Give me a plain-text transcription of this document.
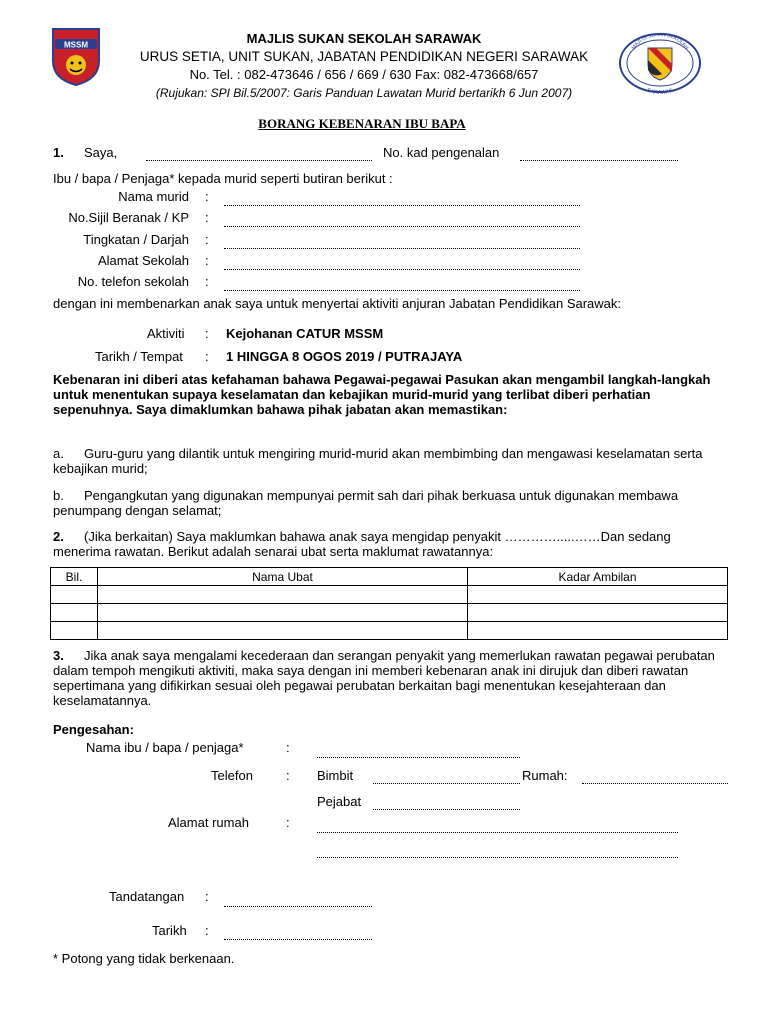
MSSM	MAJLIS SUKAN SEKOLAH
SARAWAK
MAJLIS SUKAN SEKOLAH SARAWAK
URUS SETIA, UNIT SUKAN, JABATAN PENDIDIKAN NEGERI SARAWAK
No. Tel. : 082-473646 / 656 / 669 / 630 Fax: 082-473668/657
(Rujukan: SPI Bil.5/2007: Garis Panduan Lawatan Murid bertarikh 6 Jun 2007)
BORANG KEBENARAN IBU BAPA
1. Saya,	No. kad pengenalan
Ibu / bapa / Penjaga* kepada murid seperti butiran berikut :
Nama murid :
No.Sijil Beranak / KP :
Tingkatan / Darjah :
Alamat Sekolah :
No. telefon sekolah :
dengan ini membenarkan anak saya untuk menyertai aktiviti anjuran Jabatan Pendidikan Sarawak:
Aktiviti : Kejohanan CATUR MSSM
Tarikh / Tempat : 1 HINGGA 8 OGOS 2019 / PUTRAJAYA
Kebenaran ini diberi atas kefahaman bahawa Pegawai-pegawai Pasukan akan mengambil langkah-langkah untuk menentukan supaya keselamatan dan kebajikan murid-murid yang terlibat diberi perhatian sepenuhnya. Saya dimaklumkan bahawa pihak jabatan akan memastikan:
a.	Guru-guru yang dilantik untuk mengiring murid-murid akan membimbing dan mengawasi keselamatan serta kebajikan murid;
b.	Pengangkutan yang digunakan mempunyai permit sah dari pihak berkuasa untuk digunakan membawa penumpang dengan selamat;
2. (Jika berkaitan) Saya maklumkan bahawa anak saya mengidap penyakit ………….....……Dan sedang
menerima rawatan. Berikut adalah senarai ubat serta maklumat rawatannya:
Bil.	Nama Ubat	Kadar Ambilan

3.	Jika anak saya mengalami kecederaan dan serangan penyakit yang memerlukan rawatan pegawai perubatan dalam tempoh mengikuti aktiviti, maka saya dengan ini memberi kebenaran anak ini dirujuk dan diberi rawatan sepertimana yang difikirkan sesuai oleh pegawai perubatan berkaitan bagi menentukan kesejahteraan dan keselamatannya.
Pengesahan:
Nama ibu / bapa / penjaga*	:
Telefon	: Bimbit	Rumah:
Pejabat
Alamat rumah	:
Tandatangan :
Tarikh :
* Potong yang tidak berkenaan.
